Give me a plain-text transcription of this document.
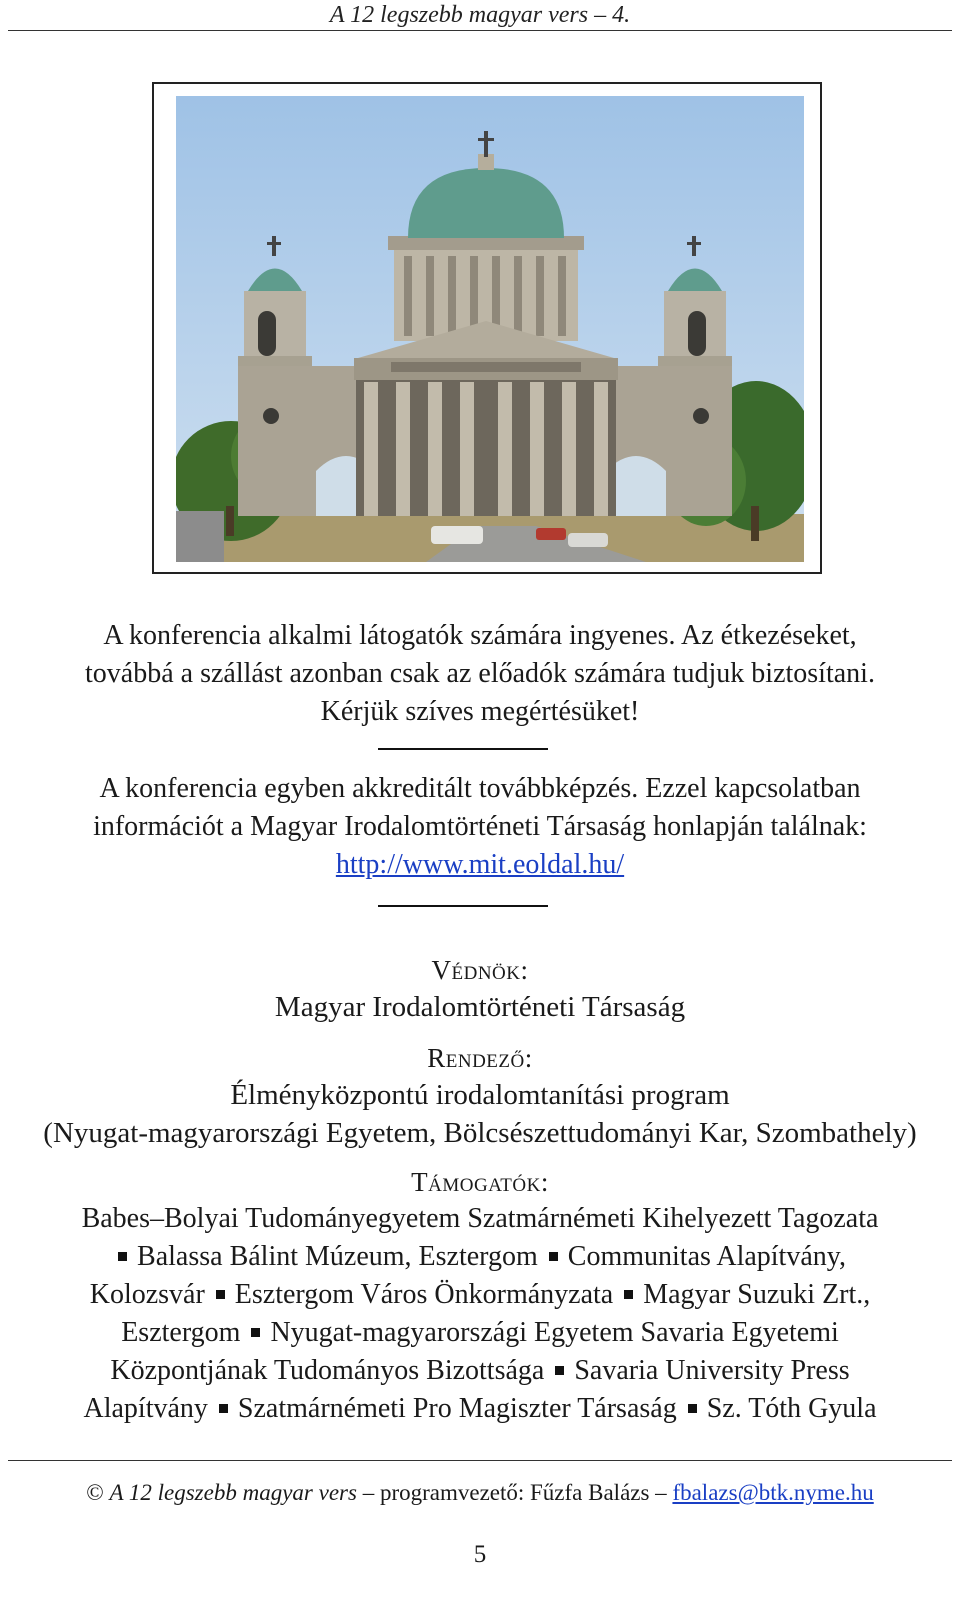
A 12 legszebb magyar vers – 4.
A konferencia alkalmi látogatók számára ingyenes. Az étkezéseket,
továbbá a szállást azonban csak az előadók számára tudjuk biztosítani.
Kérjük szíves megértésüket!
A konferencia egyben akkreditált továbbképzés. Ezzel kapcsolatban
információt a Magyar Irodalomtörténeti Társaság honlapján találnak:
http://www.mit.eoldal.hu/
Védnök:
Magyar Irodalomtörténeti Társaság
Rendező:
Élményközpontú irodalomtanítási program
(Nyugat-magyarországi Egyetem, Bölcsészettudományi Kar, Szombathely)
Támogatók:
Babes–Bolyai Tudományegyetem Szatmárnémeti Kihelyezett Tagozata
Balassa Bálint Múzeum, Esztergom Communitas Alapítvány,
Kolozsvár Esztergom Város Önkormányzata Magyar Suzuki Zrt.,
Esztergom Nyugat-magyarországi Egyetem Savaria Egyetemi
Központjának Tudományos Bizottsága Savaria University Press
Alapítvány Szatmárnémeti Pro Magiszter Társaság Sz. Tóth Gyula
© A 12 legszebb magyar vers – programvezető: Fűzfa Balázs – fbalazs@btk.nyme.hu
5
